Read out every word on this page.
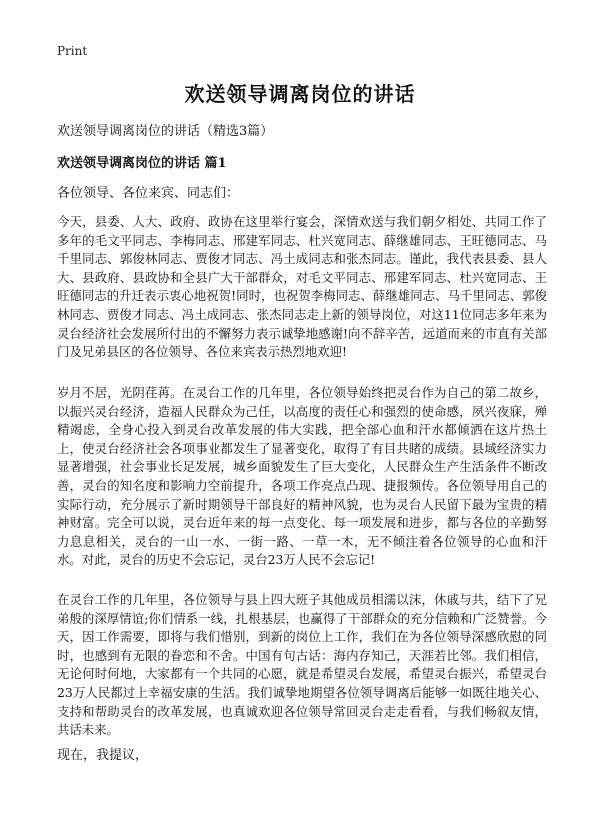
Print
欢送领导调离岗位的讲话
欢送领导调离岗位的讲话（精选3篇）
欢送领导调离岗位的讲话 篇1
各位领导、各位来宾、同志们：
今天，县委、人大、政府、政协在这里举行宴会，深情欢送与我们朝夕相处、共同工作了多年的毛文平同志、李梅同志、邢建军同志、杜兴宽同志、薛继雄同志、王旺德同志、马千里同志、郭俊林同志、贾俊才同志、冯土成同志和张杰同志。谨此，我代表县委、县人大、县政府、县政协和全县广大干部群众，对毛文平同志、邢建军同志、杜兴宽同志、王旺德同志的升迁表示衷心地祝贺!同时，也祝贺李梅同志、薛继雄同志、马千里同志、郭俊林同志、贾俊才同志、冯土成同志、张杰同志走上新的领导岗位，对这11位同志多年来为灵台经济社会发展所付出的不懈努力表示诚挚地感谢!向不辞辛苦，远道而来的市直有关部门及兄弟县区的各位领导、各位来宾表示热烈地欢迎!
岁月不居，光阴荏苒。在灵台工作的几年里，各位领导始终把灵台作为自己的第二故乡，以振兴灵台经济，造福人民群众为己任，以高度的责任心和强烈的使命感，夙兴夜寐，殚精竭虑，全身心投入到灵台改革发展的伟大实践，把全部心血和汗水都倾洒在这片热土上，使灵台经济社会各项事业都发生了显著变化，取得了有目共睹的成绩。县域经济实力显著增强，社会事业长足发展，城乡面貌发生了巨大变化，人民群众生产生活条件不断改善，灵台的知名度和影响力空前提升，各项工作亮点凸现、捷报频传。各位领导用自己的实际行动，充分展示了新时期领导干部良好的精神风貌，也为灵台人民留下最为宝贵的精神财富。完全可以说，灵台近年来的每一点变化、每一项发展和进步，都与各位的辛勤努力息息相关，灵台的一山一水、一街一路、一草一木，无不倾注着各位领导的心血和汗水。对此，灵台的历史不会忘记，灵台23万人民不会忘记!
在灵台工作的几年里，各位领导与县上四大班子其他成员相濡以沫，休戚与共，结下了兄弟般的深厚情谊;你们情系一线，扎根基层，也赢得了干部群众的充分信赖和广泛赞誉。今天，因工作需要，即将与我们惜别，到新的岗位上工作，我们在为各位领导深感欣慰的同时，也感到有无限的眷恋和不舍。中国有句古话：海内存知己，天涯若比邻。我们相信，无论何时何地，大家都有一个共同的心愿，就是希望灵台发展，希望灵台振兴，希望灵台23万人民都过上幸福安康的生活。我们诚挚地期望各位领导调离后能够一如既往地关心、支持和帮助灵台的改革发展，也真诚欢迎各位领导常回灵台走走看看，与我们畅叙友情，共话未来。
现在，我提议，
